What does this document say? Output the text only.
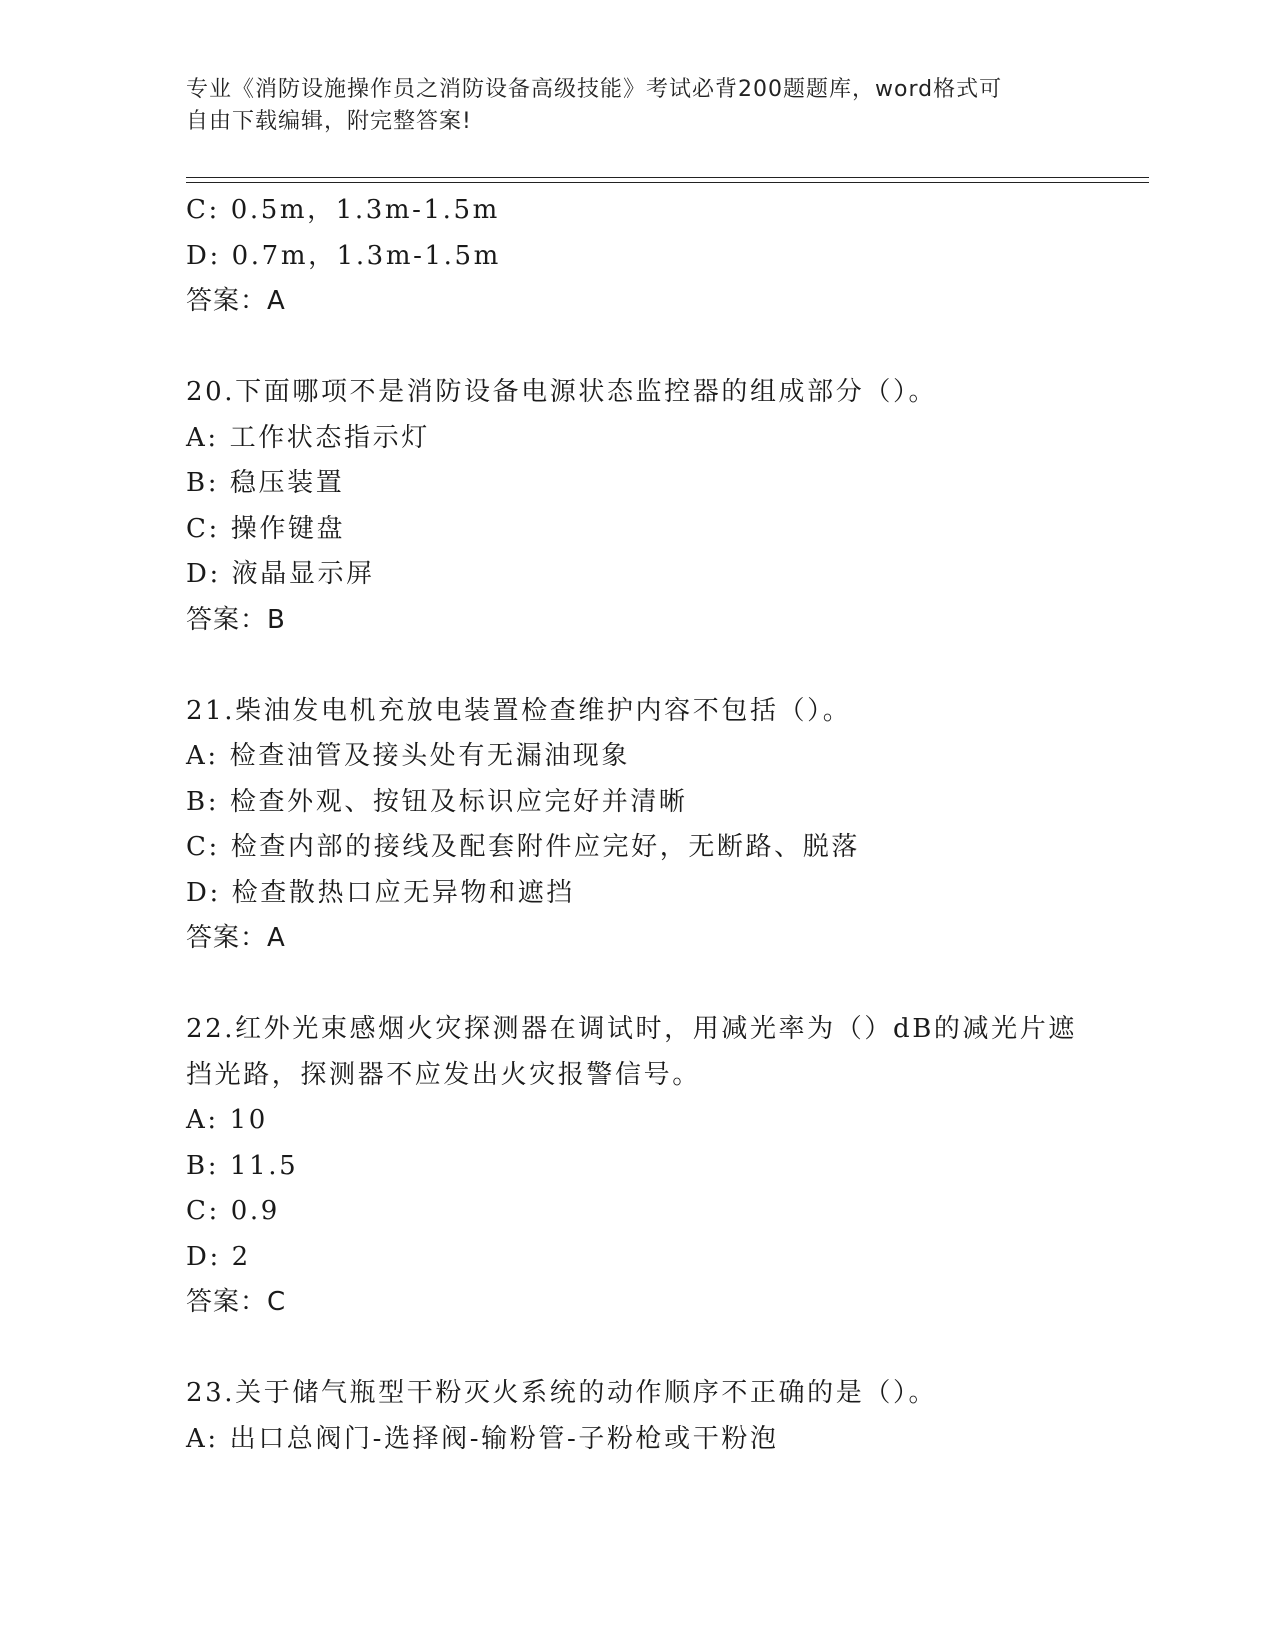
专业《消防设施操作员之消防设备高级技能》考试必背200题题库，word格式可

自由下载编辑，附完整答案!

C: 0.5m，1.3m-1.5m

D: 0.7m，1.3m-1.5m

答案：A

20.下面哪项不是消防设备电源状态监控器的组成部分（）。

A: 工作状态指示灯

B: 稳压装置

C: 操作键盘

D: 液晶显示屏

答案：B

21.柴油发电机充放电装置检查维护内容不包括（）。

A: 检查油管及接头处有无漏油现象

B: 检查外观、按钮及标识应完好并清晰

C: 检查内部的接线及配套附件应完好，无断路、脱落

D: 检查散热口应无异物和遮挡

答案：A

22.红外光束感烟火灾探测器在调试时，用减光率为（）dB的减光片遮

挡光路，探测器不应发出火灾报警信号。

A: 10

B: 11.5

C: 0.9

D: 2

答案：C

23.关于储气瓶型干粉灭火系统的动作顺序不正确的是（）。

A: 出口总阀门-选择阀-输粉管-子粉枪或干粉泡
